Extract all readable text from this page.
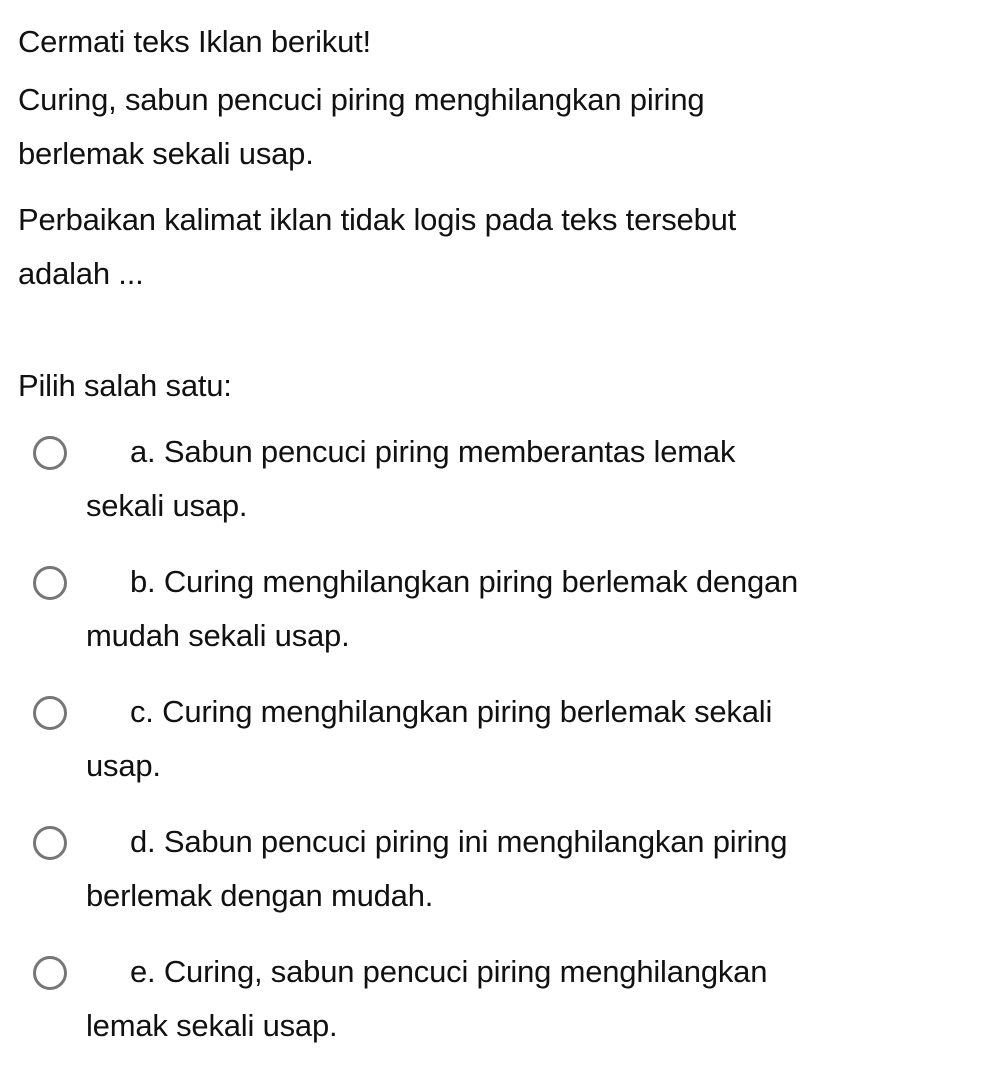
Cermati teks Iklan berikut!
Curing, sabun pencuci piring menghilangkan piring
berlemak sekali usap.
Perbaikan kalimat iklan tidak logis pada teks tersebut
adalah ...
Pilih salah satu:
a. Sabun pencuci piring memberantas lemak
sekali usap.
b. Curing menghilangkan piring berlemak dengan
mudah sekali usap.
c. Curing menghilangkan piring berlemak sekali
usap.
d. Sabun pencuci piring ini menghilangkan piring
berlemak dengan mudah.
e. Curing, sabun pencuci piring menghilangkan
lemak sekali usap.
